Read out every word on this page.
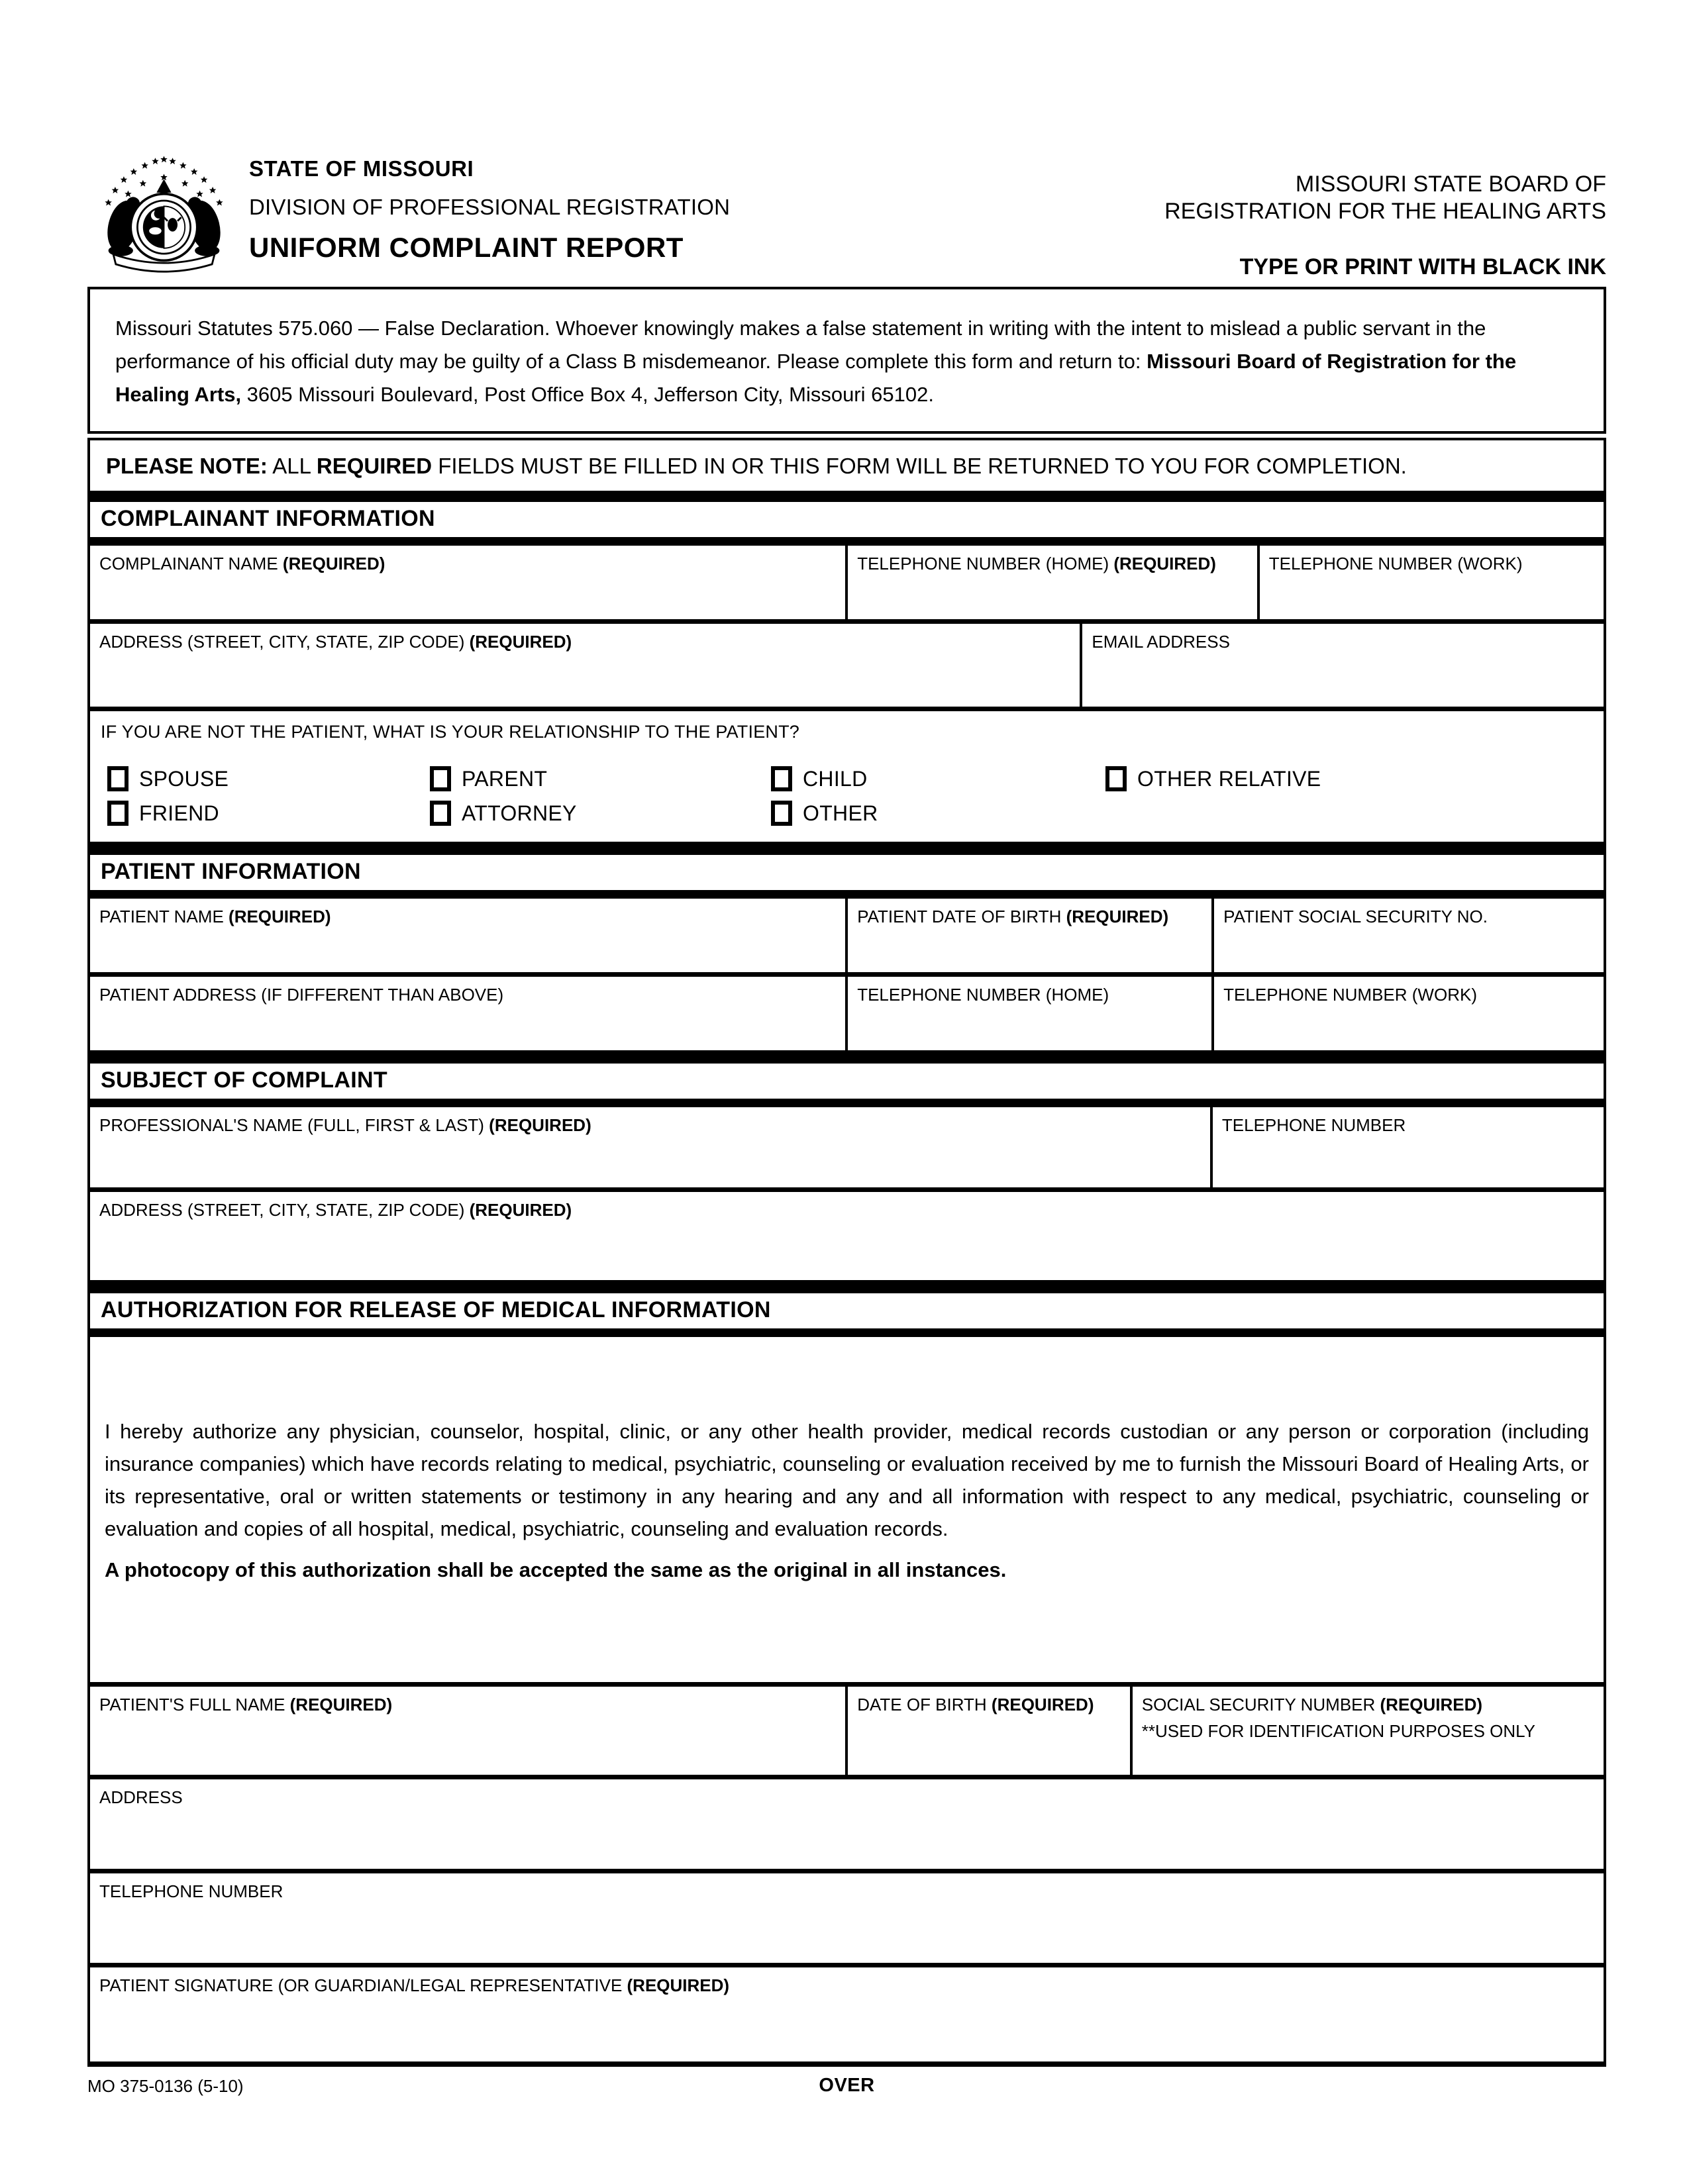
STATE OF MISSOURI
DIVISION OF PROFESSIONAL REGISTRATION
UNIFORM COMPLAINT REPORT
MISSOURI STATE BOARD OF
REGISTRATION FOR THE HEALING ARTS
TYPE OR PRINT WITH BLACK INK

Missouri Statutes 575.060 — False Declaration. Whoever knowingly makes a false statement in writing with the intent to mislead a public servant in the performance of his official duty may be guilty of a Class B misdemeanor. Please complete this form and return to: Missouri Board of Registration for the Healing Arts, 3605 Missouri Boulevard, Post Office Box 4, Jefferson City, Missouri 65102.

PLEASE NOTE: ALL REQUIRED FIELDS MUST BE FILLED IN OR THIS FORM WILL BE RETURNED TO YOU FOR COMPLETION.
COMPLAINANT INFORMATION
COMPLAINANT NAME (REQUIRED)	TELEPHONE NUMBER (HOME) (REQUIRED)	TELEPHONE NUMBER (WORK)
ADDRESS (STREET, CITY, STATE, ZIP CODE) (REQUIRED)	EMAIL ADDRESS
IF YOU ARE NOT THE PATIENT, WHAT IS YOUR RELATIONSHIP TO THE PATIENT?
SPOUSE	PARENT	CHILD	OTHER RELATIVE
FRIEND	ATTORNEY	OTHER
PATIENT INFORMATION
PATIENT NAME (REQUIRED)	PATIENT DATE OF BIRTH (REQUIRED)	PATIENT SOCIAL SECURITY NO.
PATIENT ADDRESS (IF DIFFERENT THAN ABOVE)	TELEPHONE NUMBER (HOME)	TELEPHONE NUMBER (WORK)
SUBJECT OF COMPLAINT
PROFESSIONAL'S NAME (FULL, FIRST & LAST) (REQUIRED)	TELEPHONE NUMBER
ADDRESS (STREET, CITY, STATE, ZIP CODE) (REQUIRED)
AUTHORIZATION FOR RELEASE OF MEDICAL INFORMATION

I hereby authorize any physician, counselor, hospital, clinic, or any other health provider, medical records custodian or any person or corporation (including insurance companies) which have records relating to medical, psychiatric, counseling or evaluation received by me to furnish the Missouri Board of Healing Arts, or its representative, oral or written statements or testimony in any hearing and any and all information with respect to any medical, psychiatric, counseling or evaluation and copies of all hospital, medical, psychiatric, counseling and evaluation records.

A photocopy of this authorization shall be accepted the same as the original in all instances.

PATIENT'S FULL NAME (REQUIRED)	DATE OF BIRTH (REQUIRED)	SOCIAL SECURITY NUMBER (REQUIRED)
**USED FOR IDENTIFICATION PURPOSES ONLY
ADDRESS
TELEPHONE NUMBER
PATIENT SIGNATURE (OR GUARDIAN/LEGAL REPRESENTATIVE (REQUIRED)
MO 375-0136 (5-10)	OVER
